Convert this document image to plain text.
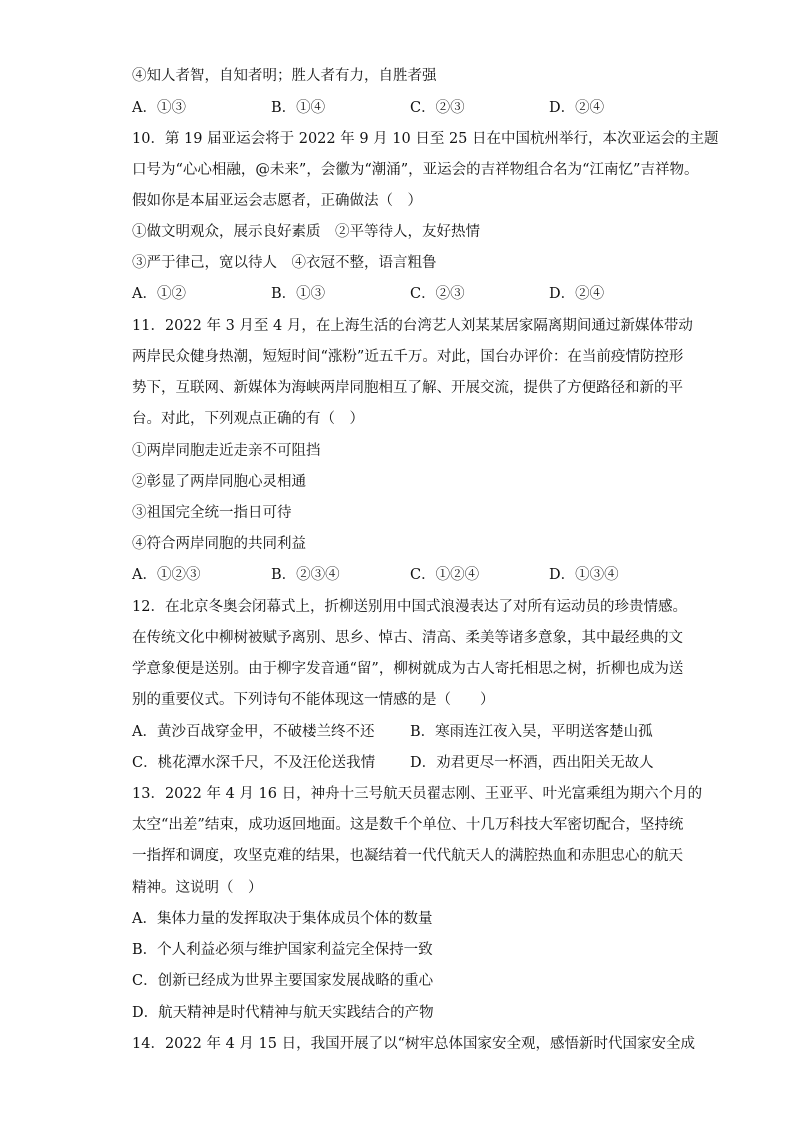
④知人者智，自知者明；胜人者有力，自胜者强
A．①③	B．①④	C．②③	D．②④
10．第 19 届亚运会将于 2022 年 9 月 10 日至 25 日在中国杭州举行，本次亚运会的主题
口号为“心心相融，@未来”，会徽为“潮涌”，亚运会的吉祥物组合名为“江南忆”吉祥物。
假如你是本届亚运会志愿者，正确做法（　）
①做文明观众，展示良好素质　②平等待人，友好热情
③严于律己，宽以待人　④衣冠不整，语言粗鲁
A．①②	B．①③	C．②③	D．②④
11．2022 年 3 月至 4 月，在上海生活的台湾艺人刘某某居家隔离期间通过新媒体带动
两岸民众健身热潮，短短时间“涨粉”近五千万。对此，国台办评价：在当前疫情防控形
势下，互联网、新媒体为海峡两岸同胞相互了解、开展交流，提供了方便路径和新的平
台。对此，下列观点正确的有（　）
①两岸同胞走近走亲不可阻挡
②彰显了两岸同胞心灵相通
③祖国完全统一指日可待
④符合两岸同胞的共同利益
A．①②③	B．②③④	C．①②④	D．①③④
12．在北京冬奥会闭幕式上，折柳送别用中国式浪漫表达了对所有运动员的珍贵情感。
在传统文化中柳树被赋予离别、思乡、悼古、清高、柔美等诸多意象，其中最经典的文
学意象便是送别。由于柳字发音通“留”，柳树就成为古人寄托相思之树，折柳也成为送
别的重要仪式。下列诗句不能体现这一情感的是（　　）
A．黄沙百战穿金甲，不破楼兰终不还 B．寒雨连江夜入吴，平明送客楚山孤
C．桃花潭水深千尺，不及汪伦送我情 D．劝君更尽一杯酒，西出阳关无故人
13．2022 年 4 月 16 日，神舟十三号航天员翟志刚、王亚平、叶光富乘组为期六个月的
太空“出差”结束，成功返回地面。这是数千个单位、十几万科技大军密切配合，坚持统
一指挥和调度，攻坚克难的结果，也凝结着一代代航天人的满腔热血和赤胆忠心的航天
精神。这说明（　）
A．集体力量的发挥取决于集体成员个体的数量
B．个人利益必须与维护国家利益完全保持一致
C．创新已经成为世界主要国家发展战略的重心
D．航天精神是时代精神与航天实践结合的产物
14．2022 年 4 月 15 日，我国开展了以“树牢总体国家安全观，感悟新时代国家安全成
